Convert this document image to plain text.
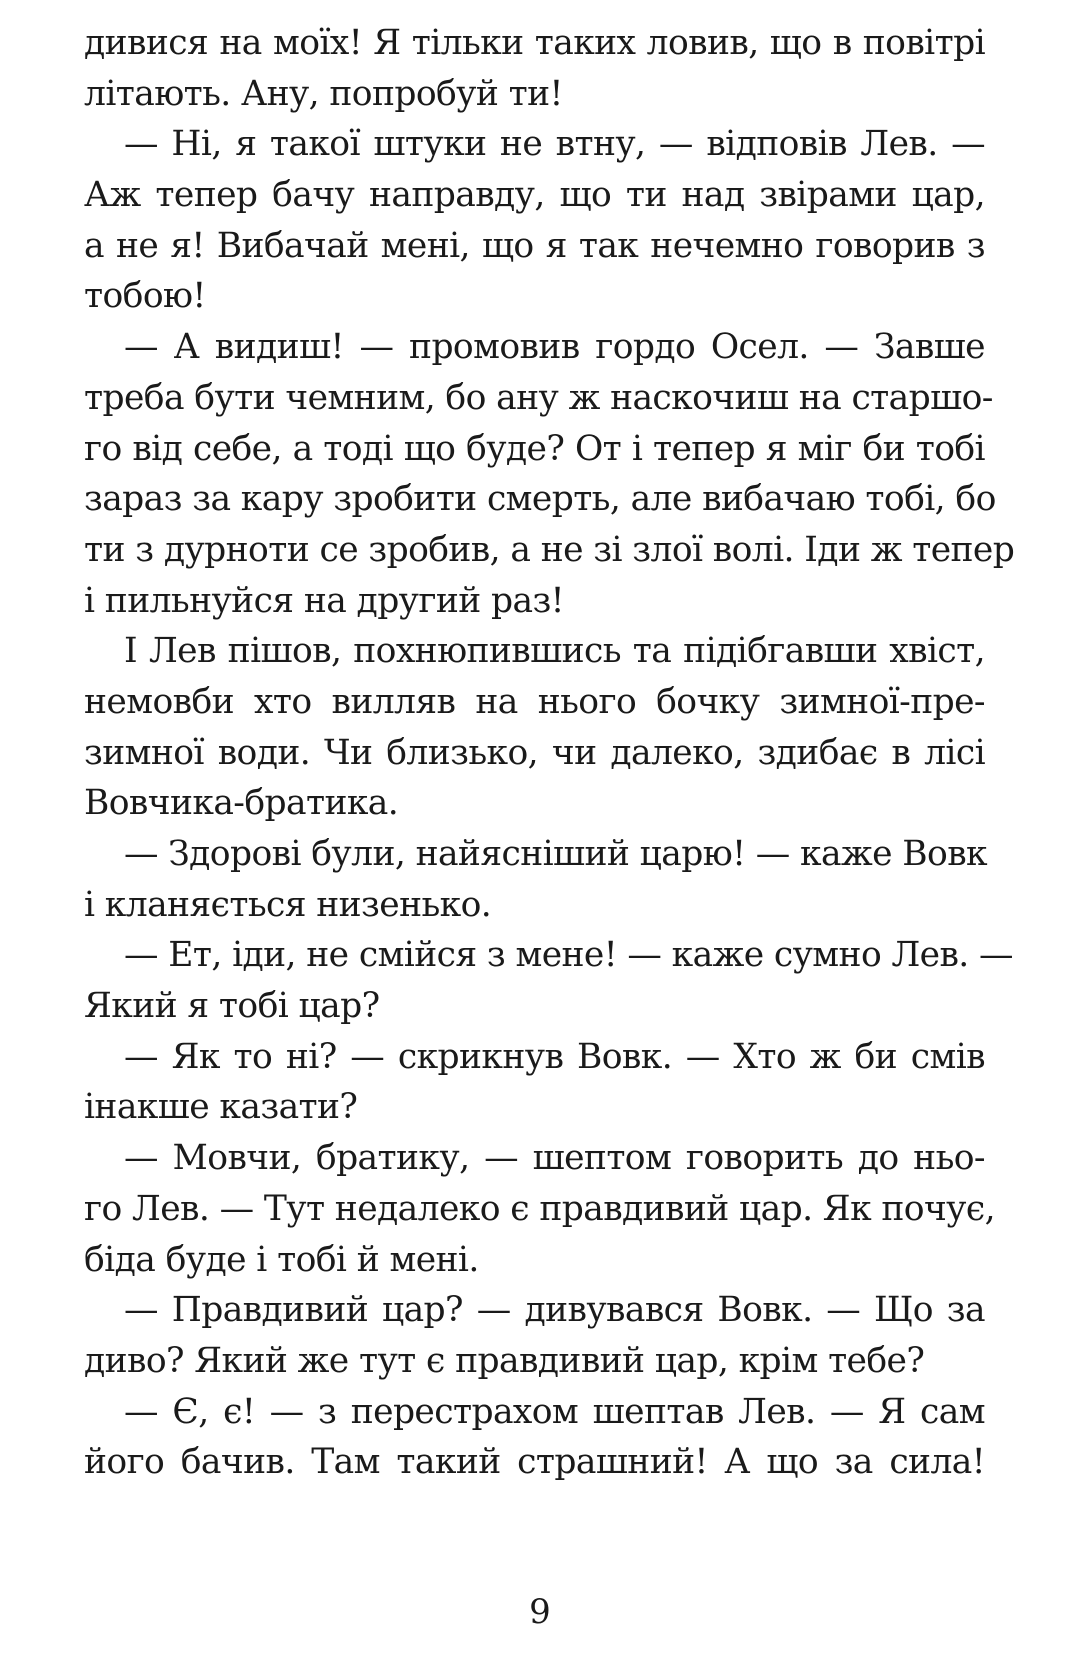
дивися на моїх! Я тільки таких ловив, що в повітрі
літають. Ану, попробуй ти!
— Ні, я такої штуки не втну, — відповів Лев. —
Аж тепер бачу направду, що ти над звірами цар,
а не я! Вибачай мені, що я так нечемно говорив з
тобою!
— А видиш! — промовив гордо Осел. — Завше
треба бути чемним, бо ану ж наскочиш на старшо-
го від себе, а тоді що буде? От і тепер я міг би тобі
зараз за кару зробити смерть, але вибачаю тобі, бо
ти з дурноти се зробив, а не зі злої волі. Іди ж тепер
і пильнуйся на другий раз!
І Лев пішов, похнюпившись та підібгавши хвіст,
немовби хто вилляв на нього бочку зимної-пре-
зимної води. Чи близько, чи далеко, здибає в лісі
Вовчика-братика.
— Здорові були, найясніший царю! — каже Вовк
і кланяється низенько.
— Ет, іди, не смійся з мене! — каже сумно Лев. —
Який я тобі цар?
— Як то ні? — скрикнув Вовк. — Хто ж би смів
інакше казати?
— Мовчи, братику, — шептом говорить до ньо-
го Лев. — Тут недалеко є правдивий цар. Як почує,
біда буде і тобі й мені.
— Правдивий цар? — дивувався Вовк. — Що за
диво? Який же тут є правдивий цар, крім тебе?
— Є, є! — з перестрахом шептав Лев. — Я сам
його бачив. Там такий страшний! А що за сила!
9
